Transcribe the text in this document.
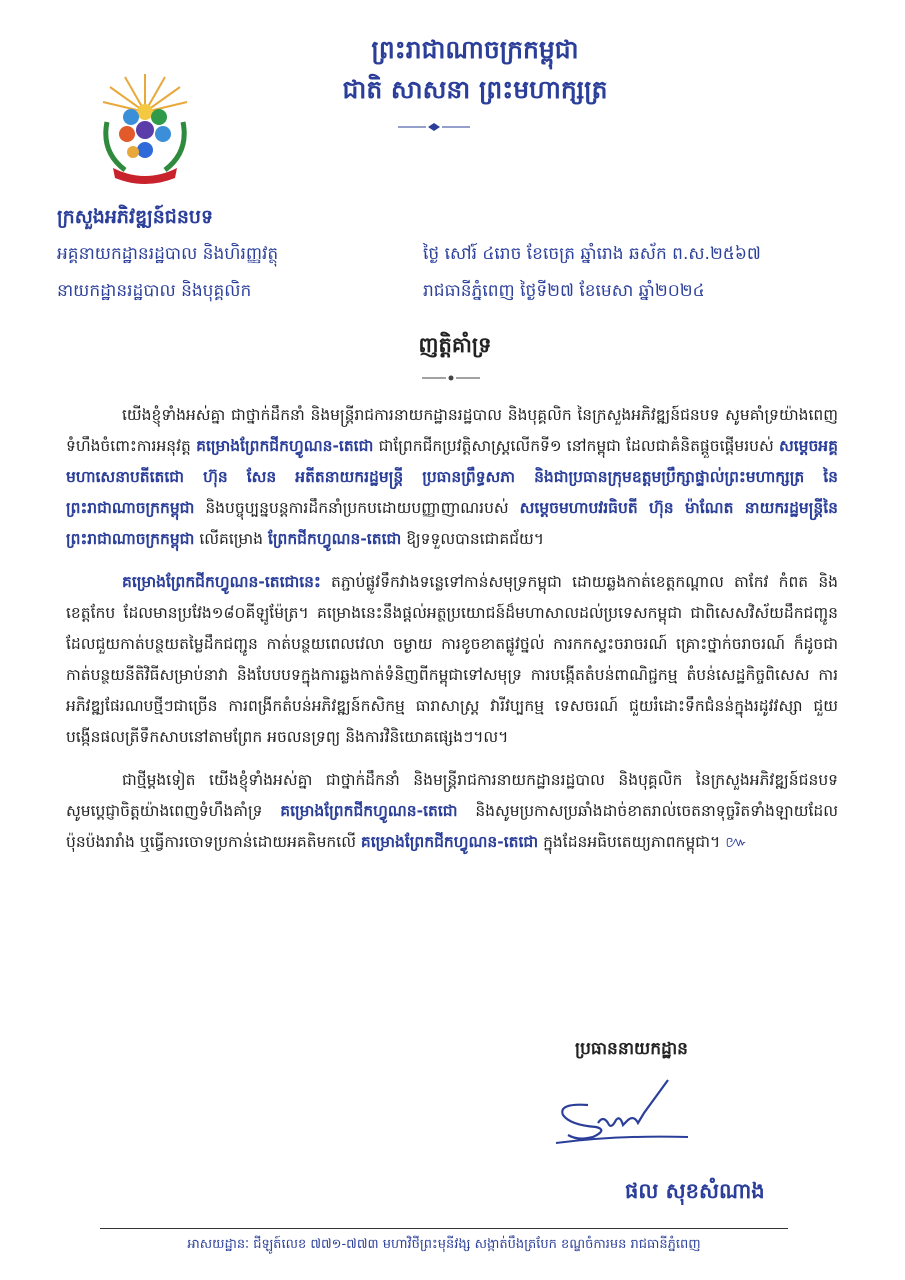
ព្រះរាជាណាចក្រកម្ពុជា
ជាតិ សាសនា ព្រះមហាក្សត្រ
ក្រសួងអភិវឌ្ឍន៍ជនបទ
អគ្គនាយកដ្ឋានរដ្ឋបាល និងហិរញ្ញវត្ថុ
នាយកដ្ឋានរដ្ឋបាល និងបុគ្គលិក
ថ្ងៃ សៅរ៍ ៤រោច ខែចេត្រ ឆ្នាំរោង ឆស័ក ព.ស.២៥៦៧
រាជធានីភ្នំពេញ ថ្ងៃទី២៧ ខែមេសា ឆ្នាំ២០២៤
ញត្តិគាំទ្រ

យើងខ្ញុំទាំងអស់គ្នា ជាថ្នាក់ដឹកនាំ និងមន្ត្រីរាជការនាយកដ្ឋានរដ្ឋបាល និងបុគ្គលិក នៃក្រសួងអភិវឌ្ឍន៍ជនបទ សូមគាំទ្រយ៉ាងពេញទំហឹងចំពោះការអនុវត្ត គម្រោងព្រែកជីកហ្វូណន-តេជោ ជាព្រែកជីកប្រវត្តិសាស្ត្រលើកទី១ នៅកម្ពុជា ដែលជាគំនិតផ្តួចផ្តើមរបស់ សម្តេចអគ្គមហាសេនាបតីតេជោ ហ៊ុន សែន អតីតនាយករដ្ឋមន្ត្រី ប្រធានព្រឹទ្ធសភា និងជាប្រធានក្រុមឧត្តមប្រឹក្សាផ្ទាល់ព្រះមហាក្សត្រ នៃព្រះរាជាណាចក្រកម្ពុជា និងបច្ចុប្បន្នបន្តការដឹកនាំប្រកបដោយបញ្ញាញាណរបស់ សម្តេចមហាបវរធិបតី ហ៊ុន ម៉ាណែត នាយករដ្ឋមន្ត្រីនៃព្រះរាជាណាចក្រកម្ពុជា លើគម្រោង ព្រែកជីកហ្វូណន-តេជោ ឱ្យទទួលបានជោគជ័យ។

គម្រោងព្រែកជីកហ្វូណន-តេជោនេះ តភ្ជាប់ផ្លូវទឹកវាងទន្លេទៅកាន់សមុទ្រកម្ពុជា ដោយឆ្លងកាត់ខេត្តកណ្តាល តាកែវ កំពត និងខេត្តកែប ដែលមានប្រវែង១៨០គីឡូម៉ែត្រ។ គម្រោងនេះនឹងផ្តល់អត្ថប្រយោជន៍ដ៏មហាសាលដល់ប្រទេសកម្ពុជា ជាពិសេសវិស័យដឹកជញ្ជូន ដែលជួយកាត់បន្ថយតម្លៃដឹកជញ្ជូន កាត់បន្ថយពេលវេលា ចម្ងាយ ការខូចខាតផ្លូវថ្នល់ ការកកស្ទះចរាចរណ៍ គ្រោះថ្នាក់ចរាចរណ៍ ក៏ដូចជាកាត់បន្ថយនីតិវិធីសម្រាប់នាវា និងបែបបទក្នុងការឆ្លងកាត់ទំនិញពីកម្ពុជាទៅសមុទ្រ ការបង្កើតតំបន់ពាណិជ្ជកម្ម តំបន់សេដ្ឋកិច្ចពិសេស ការអភិវឌ្ឍផែរណបថ្មីៗជាច្រើន ការពង្រីកតំបន់អភិវឌ្ឍន៍កសិកម្ម ធារាសាស្ត្រ វារីវប្បកម្ម ទេសចរណ៍ ជួយរំដោះទឹកជំនន់ក្នុងរដូវវស្សា ជួយបង្កើនផលត្រីទឹកសាបនៅតាមព្រែក អចលនទ្រព្យ និងការវិនិយោគផ្សេងៗ។ល។

ជាថ្មីម្តងទៀត យើងខ្ញុំទាំងអស់គ្នា ជាថ្នាក់ដឹកនាំ និងមន្ត្រីរាជការនាយកដ្ឋានរដ្ឋបាល និងបុគ្គលិក នៃក្រសួងអភិវឌ្ឍន៍ជនបទ សូមប្តេជ្ញាចិត្តយ៉ាងពេញទំហឹងគាំទ្រ គម្រោងព្រែកជីកហ្វូណន-តេជោ និងសូមប្រកាសប្រឆាំងដាច់ខាតរាល់ចេតនាទុច្ចរិតទាំងឡាយដែលប៉ុនប៉ងរារាំង ឬធ្វើការចោទប្រកាន់ដោយអគតិមកលើ គម្រោងព្រែកជីកហ្វូណន-តេជោ ក្នុងដែនអធិបតេយ្យភាពកម្ពុជា។ ៚

ប្រធាននាយកដ្ឋាន
ផល សុខសំណាង
អាសយដ្ឋានៈ ជីឡូត៍លេខ ៧៧១-៧៧៣ មហាវិថីព្រះមុនីវង្ស សង្កាត់បឹងត្របែក ខណ្ឌចំការមន រាជធានីភ្នំពេញ
